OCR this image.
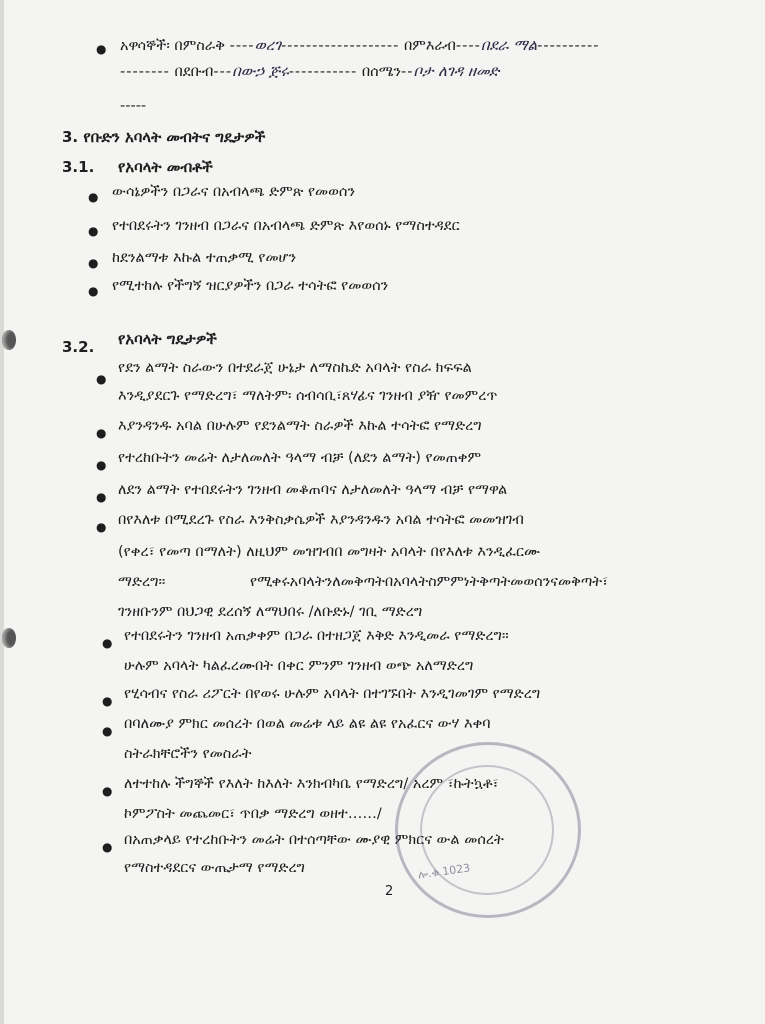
● አዋሳኞች፡ በምስራቅ ----ወረገ------------------- በምእራብ----በደራ ማል----------
-------- በደቡብ---በውኃ ጅሩ----------- በሰሜን--ቦታ ለገዳ ዘመድ
-----
3. የቡድን አባላት መብትና ግዴታዎች
3.1. የአባላት መብቶች
● ውሳኔዎችን በጋራና በአብላጫ ድምጽ የመወሰን
● የተበደሩትን ገንዘብ በጋራና በአብላጫ ድምጽ እየወሰኑ የማስተዳደር
● ከደንልማቱ እኩል ተጠቃሚ የመሆን
● የሚተከሉ የችግኝ ዝርያዎችን በጋራ ተሳትፎ የመወሰን
3.2. የአባላት ግዴታዎች
●
የደን ልማት ስራውን በተደራጀ ሁኔታ ለማስኬድ አባላት የስራ ክፍፍል
እንዲያደርጉ የማድረግ፣ ማለትም፡ ሰብሳቢ፣ጸሃፊና ገንዘብ ያዥ የመምረጥ
● እያንዳንዱ አባል በሁሉም የደንልማት ስራዎች እኩል ተሳትፎ የማድረግ
● የተረከቡትን መሬት ለታለመለት ዓላማ ብቻ (ለደን ልማት) የመጠቀም
● ለደን ልማት የተበደሩትን ገንዘብ መቆጠባና ለታለመለት ዓላማ ብቻ የማዋል
● በየእለቱ በሚደረጉ የስራ እንቅስቃሴዎች እያንዳንዱን አባል ተሳትፎ መመዝገብ
(የቀረ፣ የመጣ በማለት) ለዚህም መዝገብበ መግዛት አባላት በየእለቱ እንዲፈርሙ
ማድረግ፡፡	የሚቀሩአባላትንለመቅጣትበአባላትስምምነትቅጣትመወሰንናመቅጣት፣
ገንዘቡንም በህጋዊ ደረሰኝ ለማህበሩ /ለቡድኑ/ ገቢ ማድረግ
● የተበደሩትን ገንዘብ አጠቃቀም በጋራ በተዘጋጀ እቅድ እንዲመራ የማድረግ፡፡
ሁሉም አባላት ካልፈረሙበት በቀር ምንም ገንዘብ ወጭ አለማድረግ
● የሂሳብና የስራ ሪፖርት በየወሩ ሁሉም አባላት በተገኙበት እንዲገመገም የማድረግ
● በባለሙያ ምክር መሰረት በወል መሬቱ ላይ ልዩ ልዩ የአፈርና ውሃ እቀባ
ስትራክቸሮችን የመስራት
● ለተተከሉ ችግኞች የእለት ከእለት እንክብካቤ የማድረግ/ አረም ፣ኩትኳቶ፣
ኮምፖስት መጨመር፣ ጥበቃ ማድረግ ወዘተ……/
● በአጠቃላይ የተረከቡትን መሬት በተሰጣቸው ሙያዊ ምክርና ውል መሰረት
የማስተዳደርና ውጤታማ የማድረግ	ሎ.ቁ 1023
2
